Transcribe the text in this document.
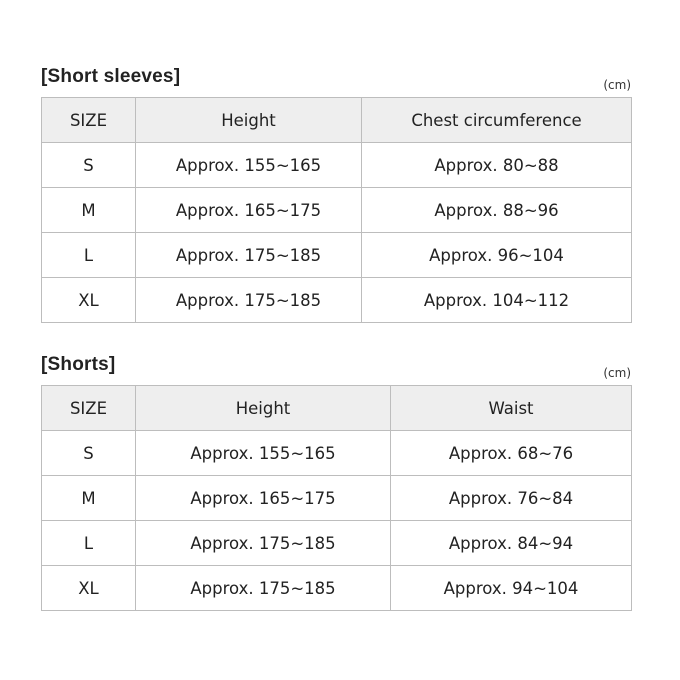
[Short sleeves]	(cm)
SIZE	Height	Chest circumference
S	Approx. 155~165	Approx. 80~88
M	Approx. 165~175	Approx. 88~96
L	Approx. 175~185	Approx. 96~104
XL	Approx. 175~185	Approx. 104~112
[Shorts]	(cm)
SIZE	Height	Waist
S	Approx. 155~165	Approx. 68~76
M	Approx. 165~175	Approx. 76~84
L	Approx. 175~185	Approx. 84~94
XL	Approx. 175~185	Approx. 94~104
